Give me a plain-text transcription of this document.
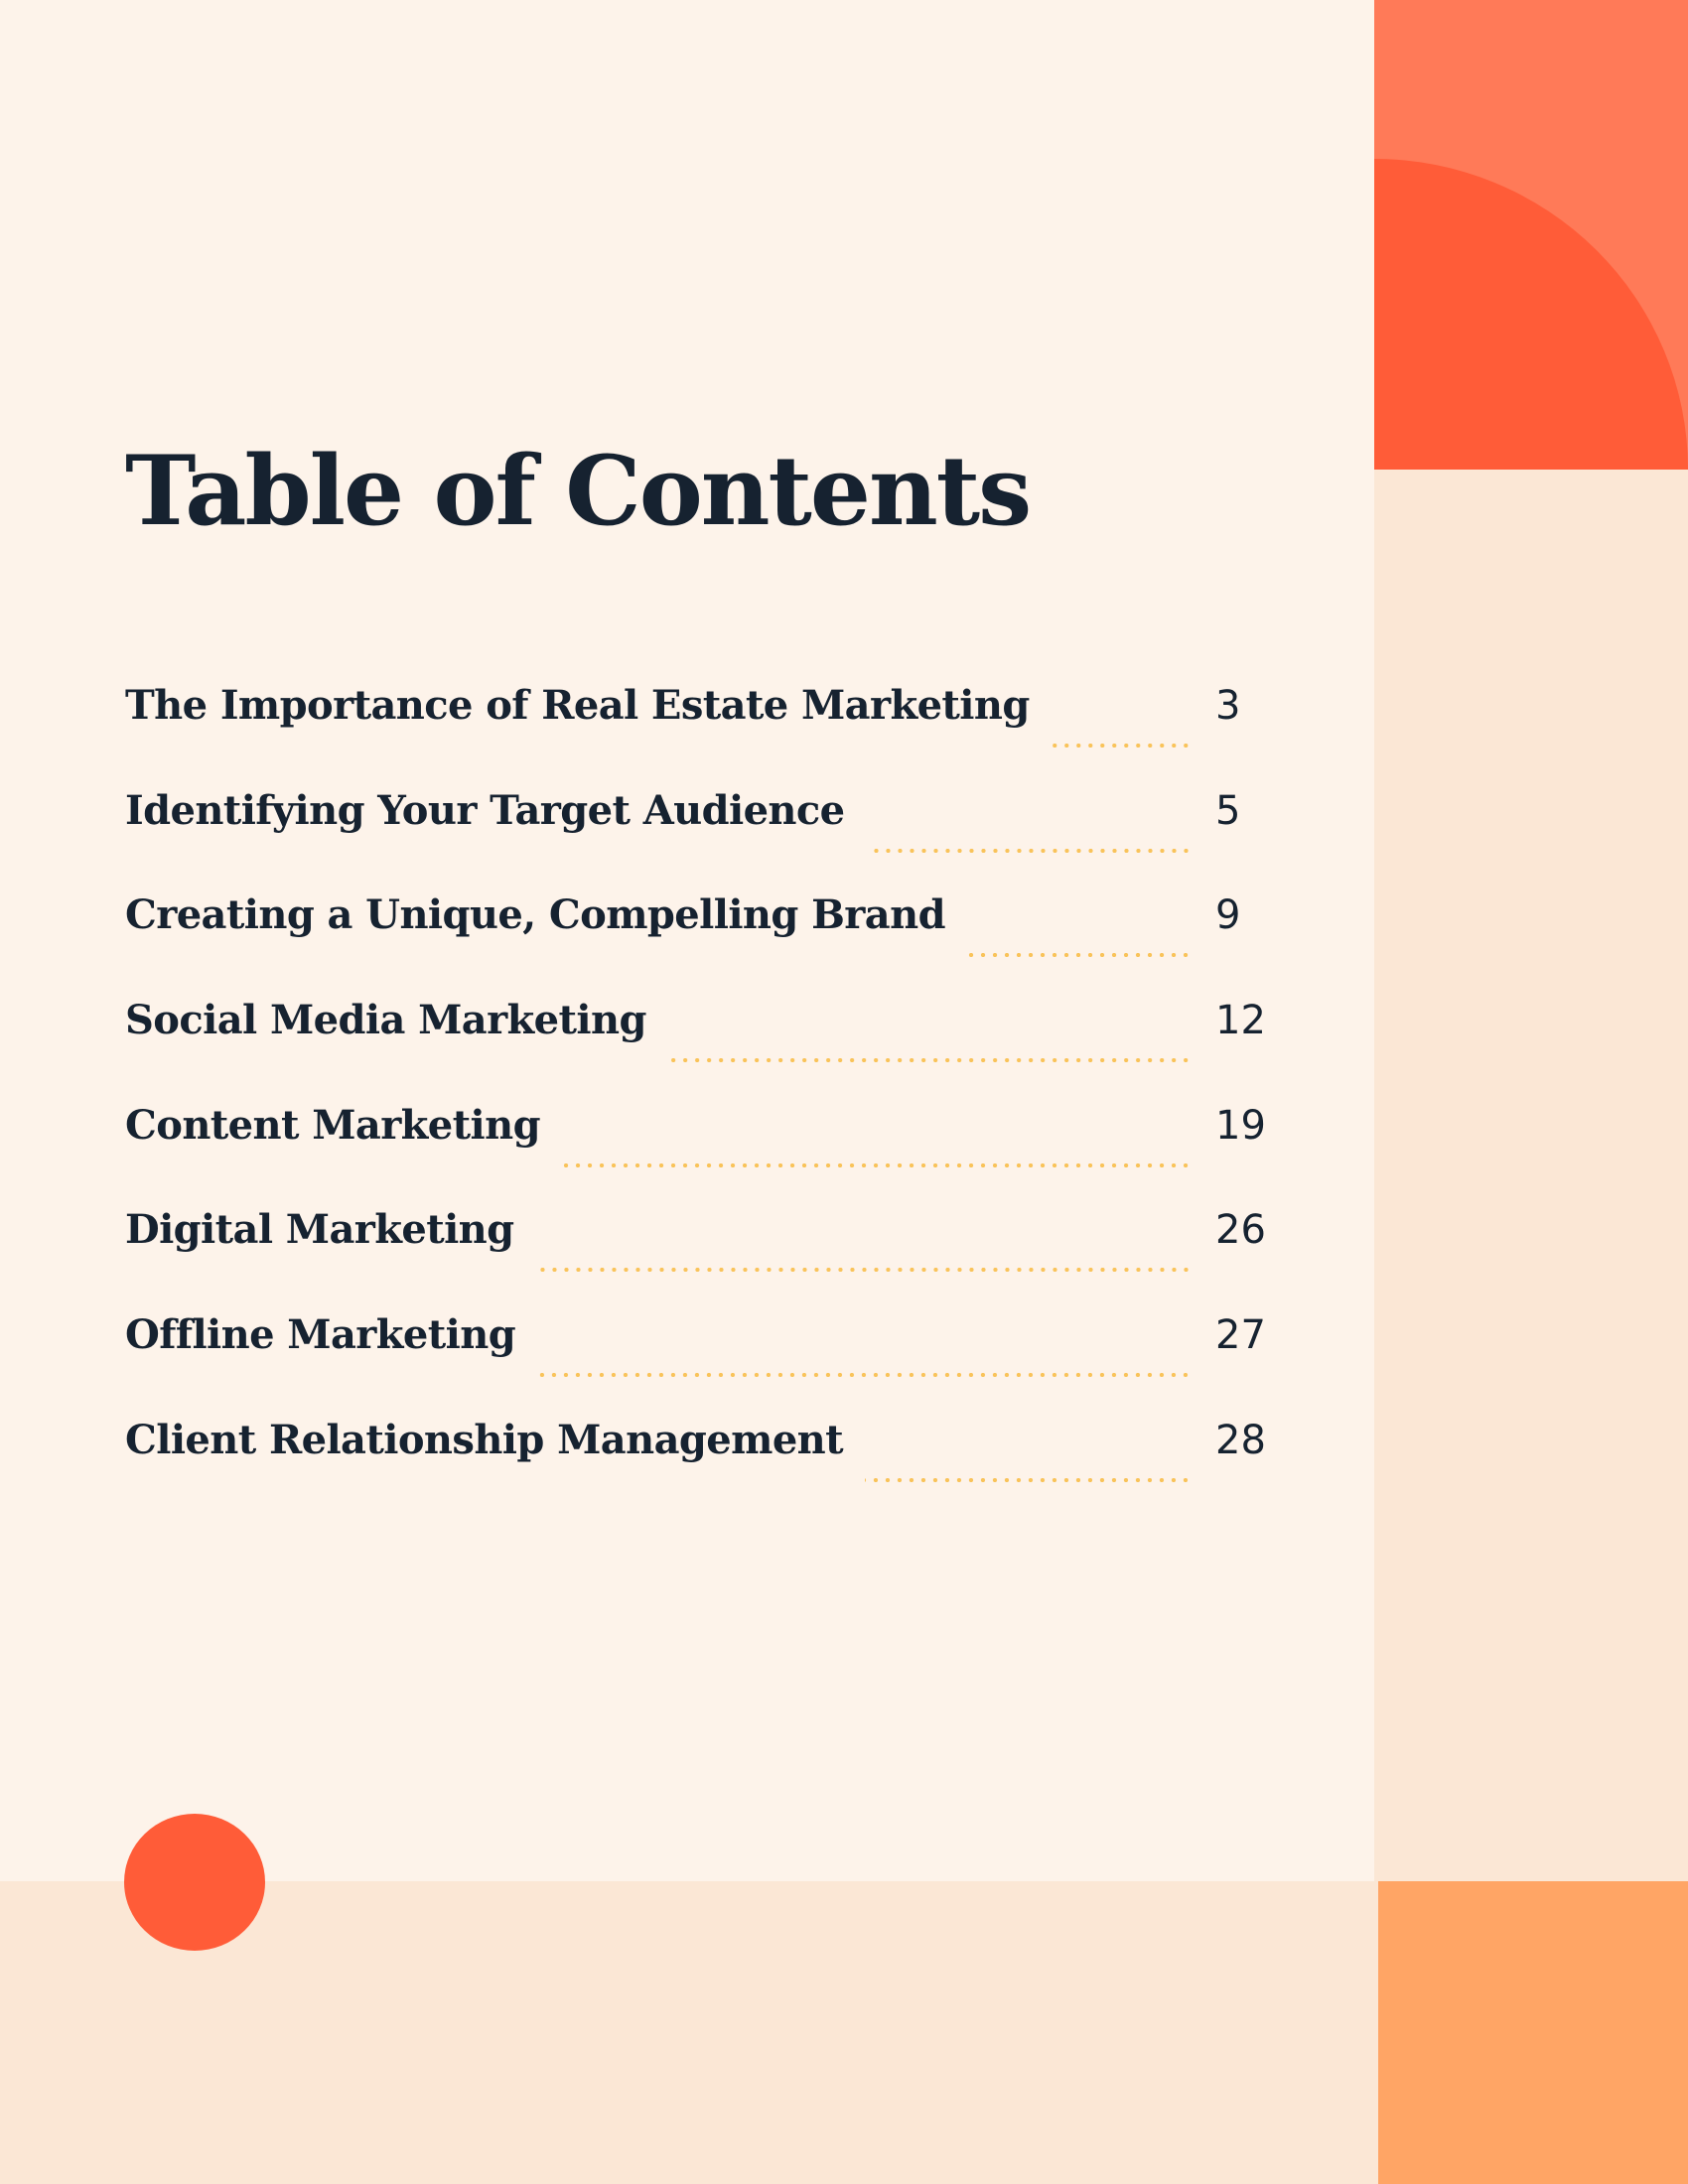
Table of Contents
The Importance of Real Estate Marketing	3
Identifying Your Target Audience	5
Creating a Unique, Compelling Brand	9
Social Media Marketing	12
Content Marketing	19
Digital Marketing	26
Offline Marketing	27
Client Relationship Management	28
